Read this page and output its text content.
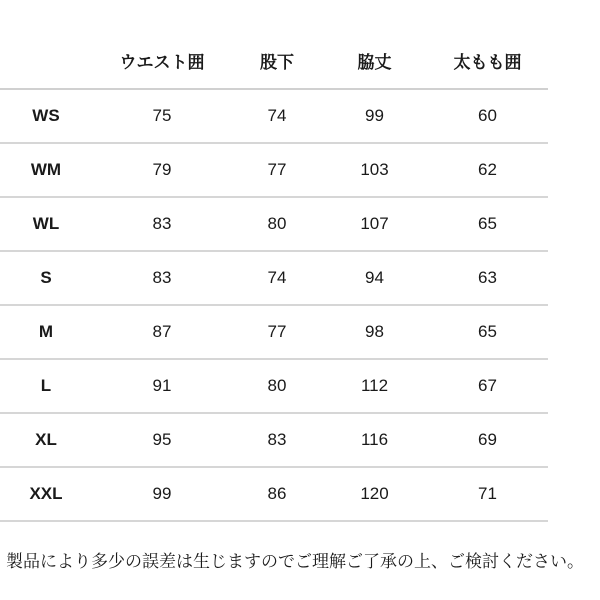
	ウエスト囲	股下	脇丈	太もも囲
WS	75	74	99	60
WM	79	77	103	62
WL	83	80	107	65
S	83	74	94	63
M	87	77	98	65
L	91	80	112	67
XL	95	83	116	69
XXL	99	86	120	71

製品により多少の誤差は生じますのでご理解ご了承の上、ご検討ください。
